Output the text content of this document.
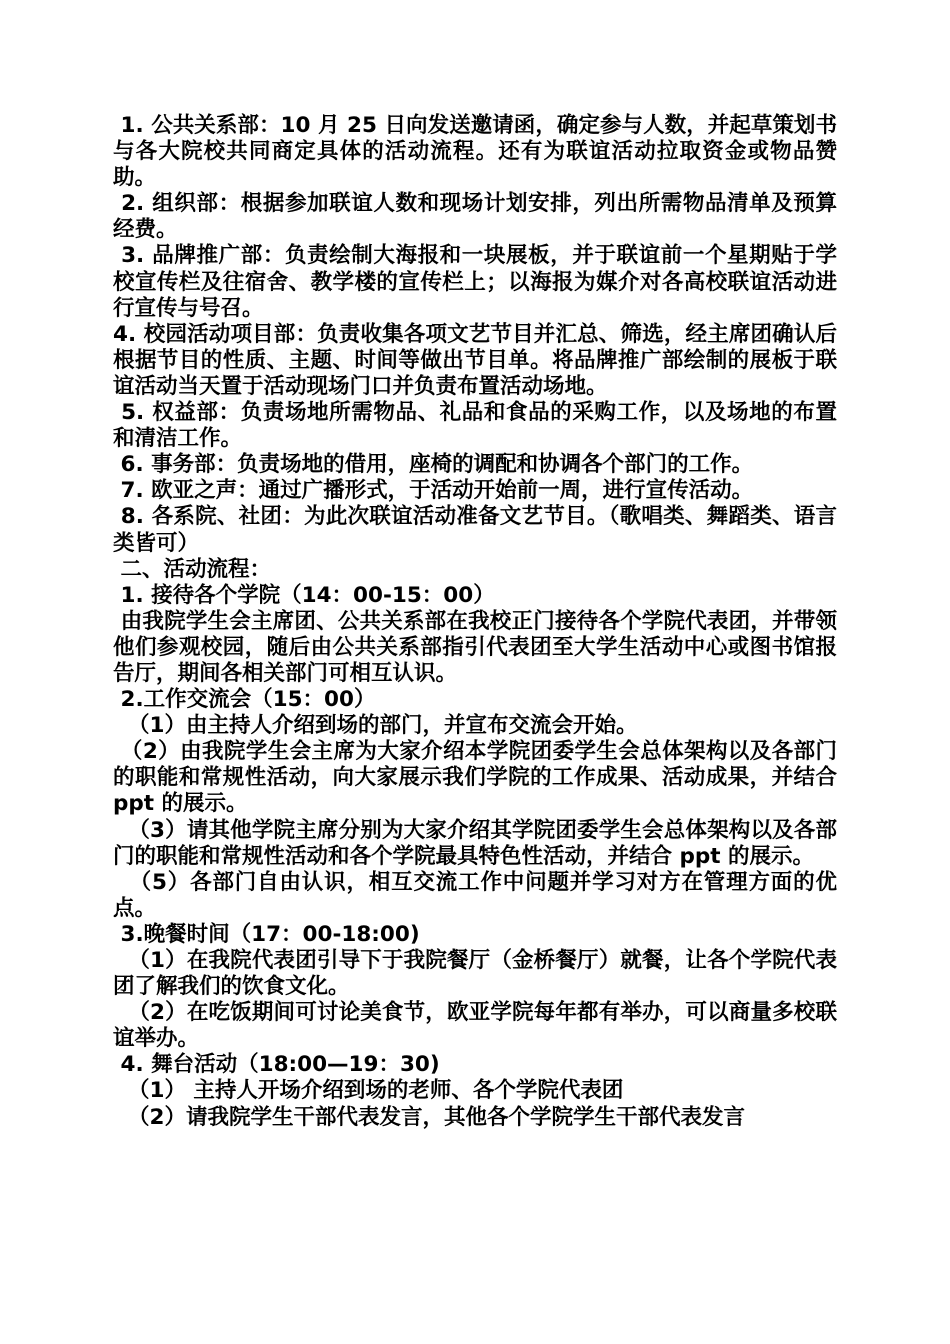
1. 公共关系部：10 月 25 日向发送邀请函，确定参与人数，并起草策划书与各大院校共同商定具体的活动流程。还有为联谊活动拉取资金或物品赞助。

2. 组织部：根据参加联谊人数和现场计划安排，列出所需物品清单及预算经费。

3. 品牌推广部：负责绘制大海报和一块展板，并于联谊前一个星期贴于学校宣传栏及往宿舍、教学楼的宣传栏上；以海报为媒介对各高校联谊活动进行宣传与号召。

4. 校园活动项目部：负责收集各项文艺节目并汇总、筛选，经主席团确认后根据节目的性质、主题、时间等做出节目单。将品牌推广部绘制的展板于联谊活动当天置于活动现场门口并负责布置活动场地。

5. 权益部：负责场地所需物品、礼品和食品的采购工作，以及场地的布置和清洁工作。

6. 事务部：负责场地的借用，座椅的调配和协调各个部门的工作。

7. 欧亚之声：通过广播形式，于活动开始前一周，进行宣传活动。

8. 各系院、社团：为此次联谊活动准备文艺节目。（歌唱类、舞蹈类、语言类皆可）

二、活动流程：

1. 接待各个学院（14：00-15：00）

由我院学生会主席团、公共关系部在我校正门接待各个学院代表团，并带领他们参观校园，随后由公共关系部指引代表团至大学生活动中心或图书馆报告厅，期间各相关部门可相互认识。

2.工作交流会（15：00）

（1）由主持人介绍到场的部门，并宣布交流会开始。

（2）由我院学生会主席为大家介绍本学院团委学生会总体架构以及各部门的职能和常规性活动，向大家展示我们学院的工作成果、活动成果，并结合 ppt 的展示。

（3）请其他学院主席分别为大家介绍其学院团委学生会总体架构以及各部门的职能和常规性活动和各个学院最具特色性活动，并结合 ppt 的展示。

（5）各部门自由认识，相互交流工作中问题并学习对方在管理方面的优点。

3.晚餐时间（17：00-18:00)

（1）在我院代表团引导下于我院餐厅（金桥餐厅）就餐，让各个学院代表团了解我们的饮食文化。

（2）在吃饭期间可讨论美食节，欧亚学院每年都有举办，可以商量多校联谊举办。

4. 舞台活动（18:00—19：30)

（1） 主持人开场介绍到场的老师、各个学院代表团

（2）请我院学生干部代表发言，其他各个学院学生干部代表发言
